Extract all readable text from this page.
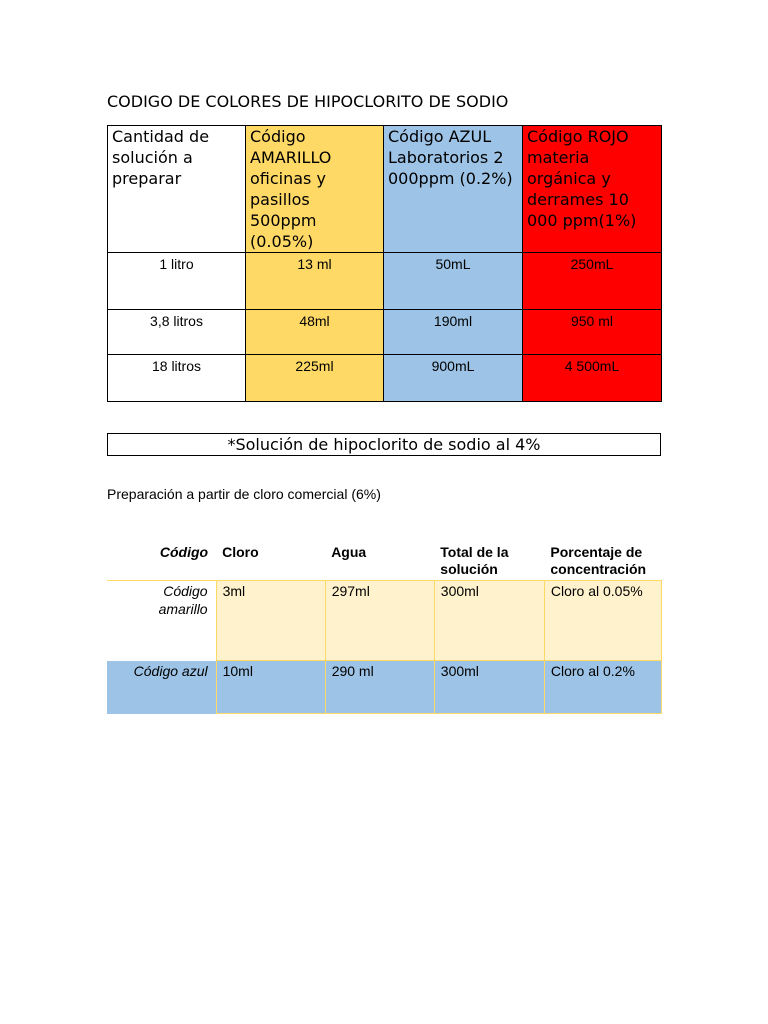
CODIGO DE COLORES DE HIPOCLORITO DE SODIO
Cantidad de solución a preparar	Código AMARILLO oficinas y pasillos 500ppm (0.05%)	Código AZUL Laboratorios 2 000ppm (0.2%)	Código ROJO materia orgánica y derrames 10 000 ppm(1%)
1 litro	13 ml	50mL	250mL
3,8 litros	48ml	190ml	950 ml
18 litros	225ml	900mL	4 500mL
*Solución de hipoclorito de sodio al 4%
Preparación a partir de cloro comercial (6%)
Código	Cloro	Agua	Total de la solución	Porcentaje de concentración
Código amarillo	3ml	297ml	300ml	Cloro al 0.05%
Código azul	10ml	290 ml	300ml	Cloro al 0.2%
